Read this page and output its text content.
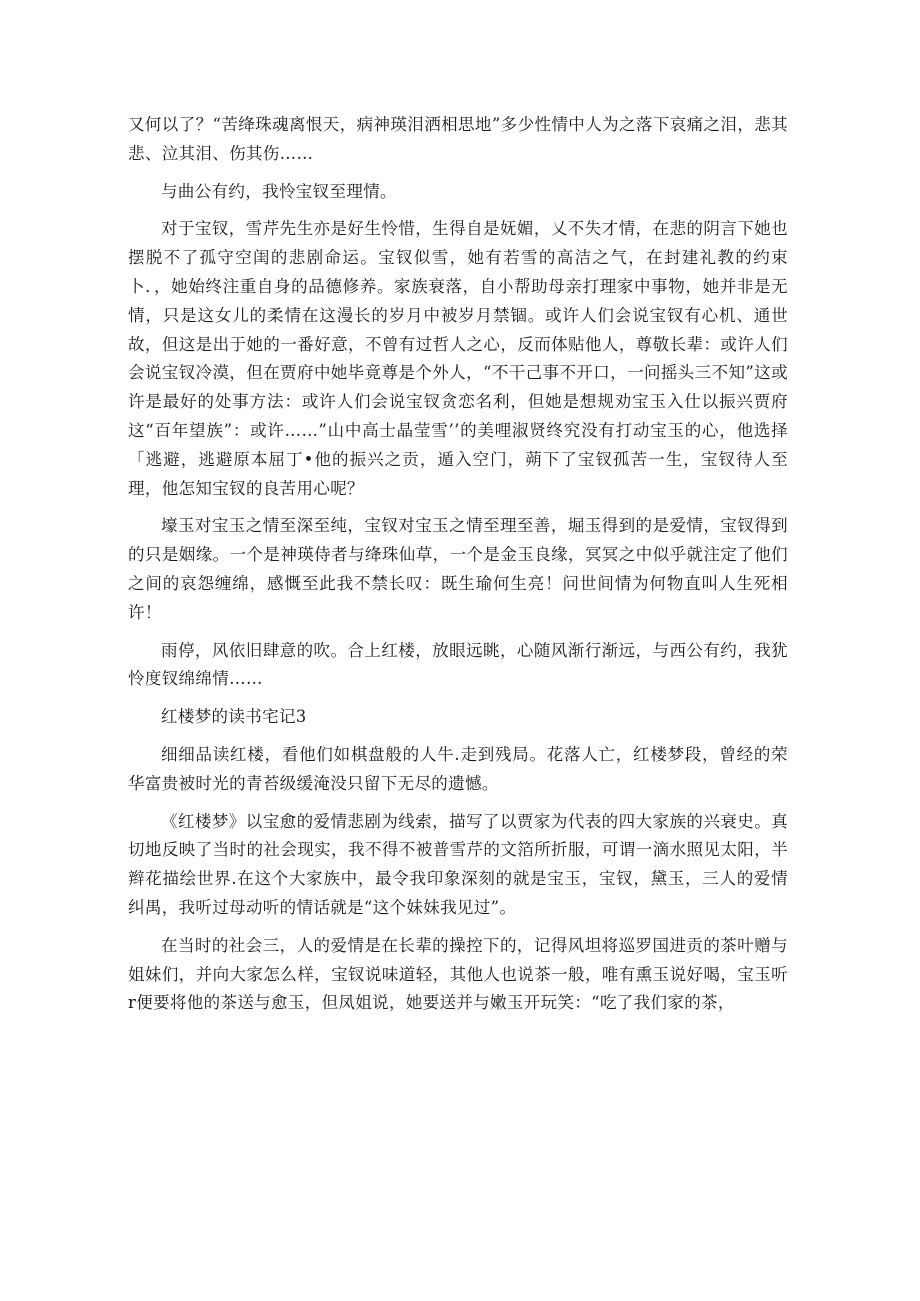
又何以了？“苦绛珠魂离恨天，病神瑛泪洒相思地”多少性情中人为之落下哀痛之泪，悲其悲、泣其泪、伤其伤……

与曲公有约，我怜宝钗至理情。

对于宝钗，雪芹先生亦是好生怜惜，生得自是妩媚，乂不失才情，在悲的阴言下她也摆脱不了孤守空闺的悲剧命运。宝钗似雪，她有若雪的高洁之气，在封建礼教的约束卜．，她始终注重自身的品德修养。家族衰落，自小帮助母亲打理家中事物，她并非是无情，只是这女儿的柔情在这漫长的岁月中被岁月禁锢。或许人们会说宝钗有心机、通世故，但这是出于她的一番好意，不曾有过哲人之心，反而体贴他人，尊敬长辈：或许人们会说宝钗冷漠，但在贾府中她毕竟尊是个外人，“不干己事不开口，一问摇头三不知”这或许是最好的处事方法：或许人们会说宝钗贪恋名利，但她是想规劝宝玉入仕以振兴贾府这“百年望族”：或许……”山中高士晶莹雪’’的美哩淑贤终究没有打动宝玉的心，他选择「逃避，逃避原本屈丁•他的振兴之贡，遁入空门，蒴下了宝钗孤苦一生，宝钗待人至理，他怎知宝钗的良苦用心呢？

壕玉对宝玉之情至深至纯，宝钗对宝玉之情至理至善，堀玉得到的是爱情，宝钗得到的只是姻缘。一个是神瑛侍者与绛珠仙草，一个是金玉良缘，冥冥之中似乎就注定了他们之间的哀怨缠绵，感慨至此我不禁长叹：既生瑜何生亮！问世间情为何物直叫人生死相许！

雨停，风依旧肆意的吹。合上红楼，放眼远眺，心随风渐行渐远，与西公有约，我犹怜度钗绵绵情……

红楼梦的读书宅记3

细细品读红楼，看他们如棋盘般的人牛.走到残局。花落人亡，红楼梦段，曾经的荣华富贵被时光的青苔级缓淹没只留下无尽的遗憾。

《红楼梦》以宝愈的爱情悲剧为线索，描写了以贾家为代表的四大家族的兴衰史。真切地反映了当时的社会现实，我不得不被普雪芹的文箔所折服，可谓一滴水照见太阳，半辫花描绘世界.在这个大家族中，最令我印象深刻的就是宝玉，宝钗，黛玉，三人的爱情纠禺，我听过母动听的情话就是“这个妹妹我见过”。

在当时的社会三，人的爱情是在长辈的操控下的，记得风坦将巡罗国进贡的茶叶赠与姐妹们，并向大家怎么样，宝钗说味道轻，其他人也说茶一般，唯有熏玉说好喝，宝玉听r便要将他的茶送与愈玉，但凤姐说，她要送并与嫩玉开玩笑：“吃了我们家的茶，
